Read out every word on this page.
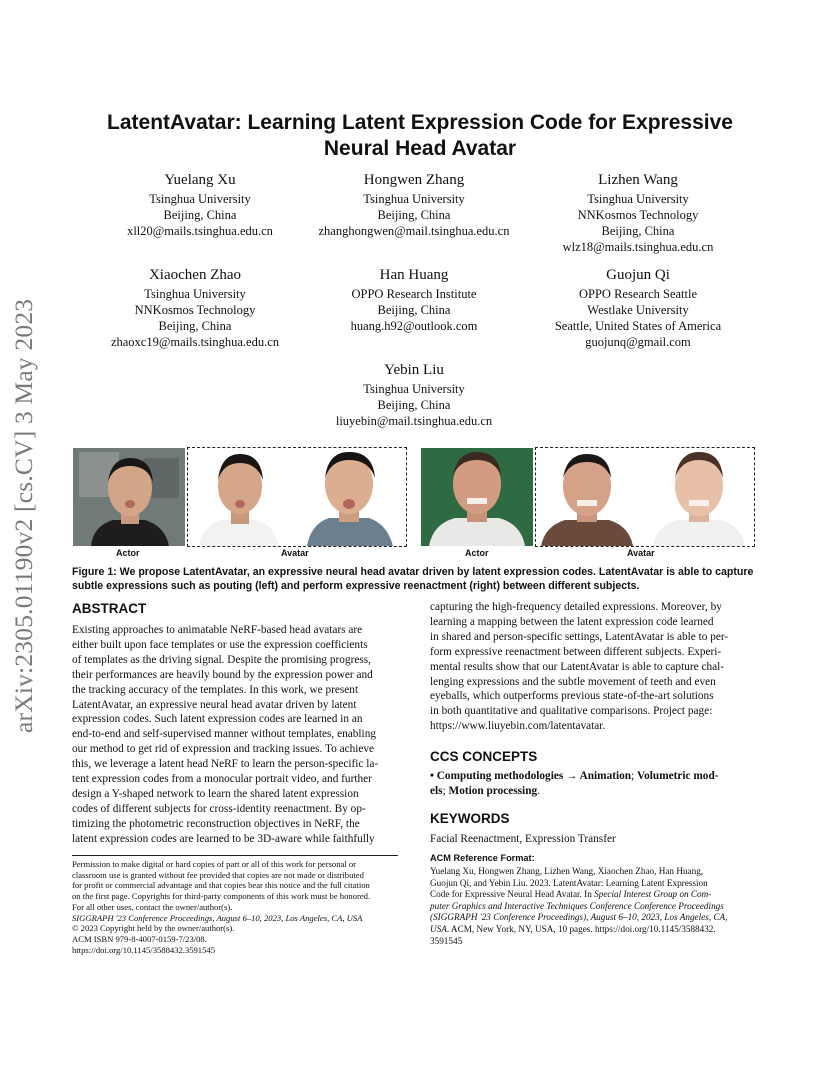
arXiv:2305.01190v2 [cs.CV] 3 May 2023
LatentAvatar: Learning Latent Expression Code for Expressive
Neural Head Avatar
Yuelang Xu
Tsinghua University
Beijing, China
xll20@mails.tsinghua.edu.cn
Hongwen Zhang
Tsinghua University
Beijing, China
zhanghongwen@mail.tsinghua.edu.cn
Lizhen Wang
Tsinghua University
NNKosmos Technology
Beijing, China
wlz18@mails.tsinghua.edu.cn
Xiaochen Zhao
Tsinghua University
NNKosmos Technology
Beijing, China
zhaoxc19@mails.tsinghua.edu.cn
Han Huang
OPPO Research Institute
Beijing, China
huang.h92@outlook.com
Guojun Qi
OPPO Research Seattle
Westlake University
Seattle, United States of America
guojunq@gmail.com
Yebin Liu
Tsinghua University
Beijing, China
liuyebin@mail.tsinghua.edu.cn
Actor	Avatar	Actor	Avatar
Figure 1: We propose LatentAvatar, an expressive neural head avatar driven by latent expression codes. LatentAvatar is able to capture subtle expressions such as pouting (left) and perform expressive reenactment (right) between different subjects.
ABSTRACT
Existing approaches to animatable NeRF-based head avatars are
either built upon face templates or use the expression coefficients
of templates as the driving signal. Despite the promising progress,
their performances are heavily bound by the expression power and
the tracking accuracy of the templates. In this work, we present
LatentAvatar, an expressive neural head avatar driven by latent
expression codes. Such latent expression codes are learned in an
end-to-end and self-supervised manner without templates, enabling
our method to get rid of expression and tracking issues. To achieve
this, we leverage a latent head NeRF to learn the person-specific la-
tent expression codes from a monocular portrait video, and further
design a Y-shaped network to learn the shared latent expression
codes of different subjects for cross-identity reenactment. By op-
timizing the photometric reconstruction objectives in NeRF, the
latent expression codes are learned to be 3D-aware while faithfully
capturing the high-frequency detailed expressions. Moreover, by
learning a mapping between the latent expression code learned
in shared and person-specific settings, LatentAvatar is able to per-
form expressive reenactment between different subjects. Experi-
mental results show that our LatentAvatar is able to capture chal-
lenging expressions and the subtle movement of teeth and even
eyeballs, which outperforms previous state-of-the-art solutions
in both quantitative and qualitative comparisons. Project page:
https://www.liuyebin.com/latentavatar.
CCS CONCEPTS
• Computing methodologies → Animation; Volumetric mod-
els; Motion processing.
KEYWORDS
Facial Reenactment, Expression Transfer
ACM Reference Format:
Yuelang Xu, Hongwen Zhang, Lizhen Wang, Xiaochen Zhao, Han Huang,
Guojun Qi, and Yebin Liu. 2023. LatentAvatar: Learning Latent Expression
Code for Expressive Neural Head Avatar. In Special Interest Group on Com-
puter Graphics and Interactive Techniques Conference Conference Proceedings
(SIGGRAPH '23 Conference Proceedings), August 6–10, 2023, Los Angeles, CA,
USA. ACM, New York, NY, USA, 10 pages. https://doi.org/10.1145/3588432.
3591545
Permission to make digital or hard copies of part or all of this work for personal or
classroom use is granted without fee provided that copies are not made or distributed
for profit or commercial advantage and that copies bear this notice and the full citation
on the first page. Copyrights for third-party components of this work must be honored.
For all other uses, contact the owner/author(s).
SIGGRAPH '23 Conference Proceedings, August 6–10, 2023, Los Angeles, CA, USA
© 2023 Copyright held by the owner/author(s).
ACM ISBN 979-8-4007-0159-7/23/08.
https://doi.org/10.1145/3588432.3591545
